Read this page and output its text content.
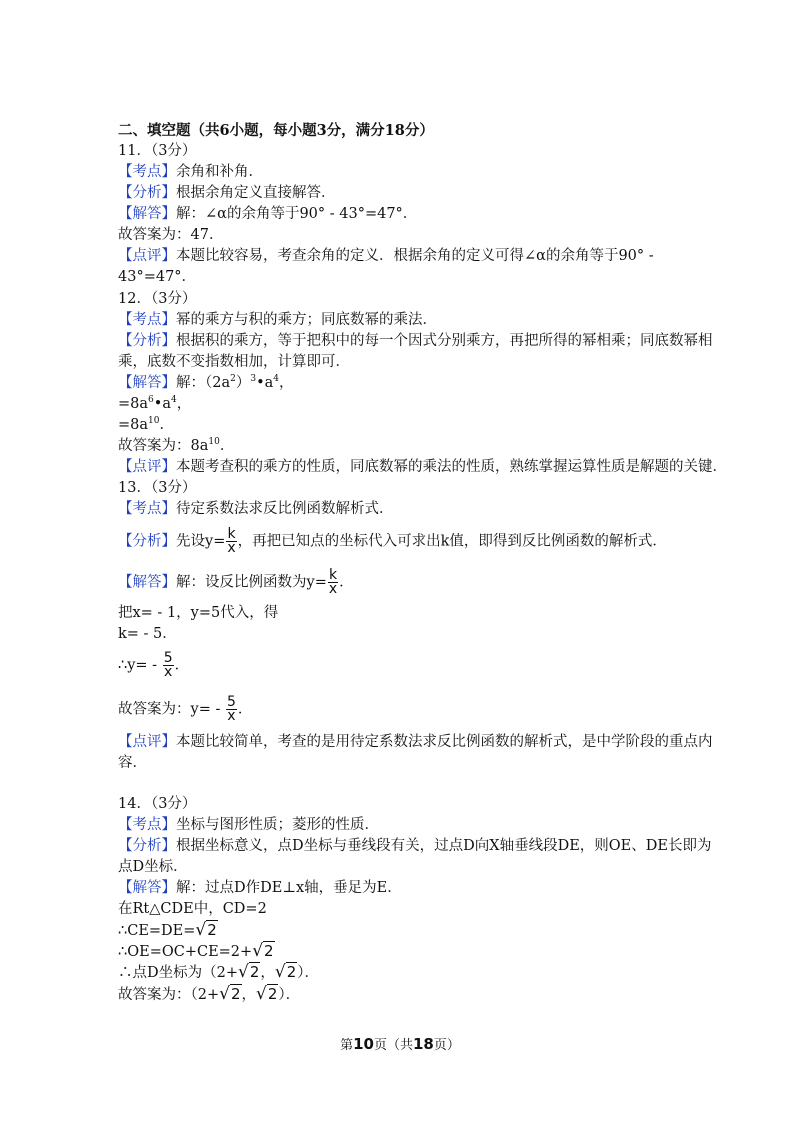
二、填空题（共6小题，每小题3分，满分18分）
11．（3分）
【考点】余角和补角．
【分析】根据余角定义直接解答．
【解答】解：∠α的余角等于90° - 43°=47°．
故答案为：47．
【点评】本题比较容易，考查余角的定义．根据余角的定义可得∠α的余角等于90° -
43°=47°．
12．（3分）
【考点】幂的乘方与积的乘方；同底数幂的乘法．
【分析】根据积的乘方，等于把积中的每一个因式分别乘方，再把所得的幂相乘；同底数幂相
乘，底数不变指数相加，计算即可．
【解答】解：$(2a^2)^3•a^4$，
$=8a^6•a^4$，
$=8a^{10}$．
故答案为：$8a^{10}$．
【点评】本题考查积的乘方的性质，同底数幂的乘法的性质，熟练掌握运算性质是解题的关键．
13．（3分）
【考点】待定系数法求反比例函数解析式．
【分析】先设$y= \frac{k}{x}$ ，再把已知点的坐标代入可求出k值，即得到反比例函数的解析式．
【解答】解：设反比例函数为$y= \frac{k}{x}$ ．
把x= - 1，y=5代入，得
k= - 5．
∴y= - $\frac{5}{x}$ ．
故答案为：$y= - \frac{5}{x}$ ．
【点评】本题比较简单，考查的是用待定系数法求反比例函数的解析式，是中学阶段的重点内
容．
14．（3分）
【考点】坐标与图形性质；菱形的性质．
【分析】根据坐标意义，点D坐标与垂线段有关，过点D向X轴垂线段DE，则OE、DE长即为
点D坐标．
【解答】解：过点D作DE⊥x轴，垂足为E．
在Rt△CDE中，CD=2
∴CE=DE=√2
∴OE=OC+CE=2+√2
∴点D坐标为（2+√2，√2）．
故答案为：（2+√2，√2）．
第10页（共18页）
